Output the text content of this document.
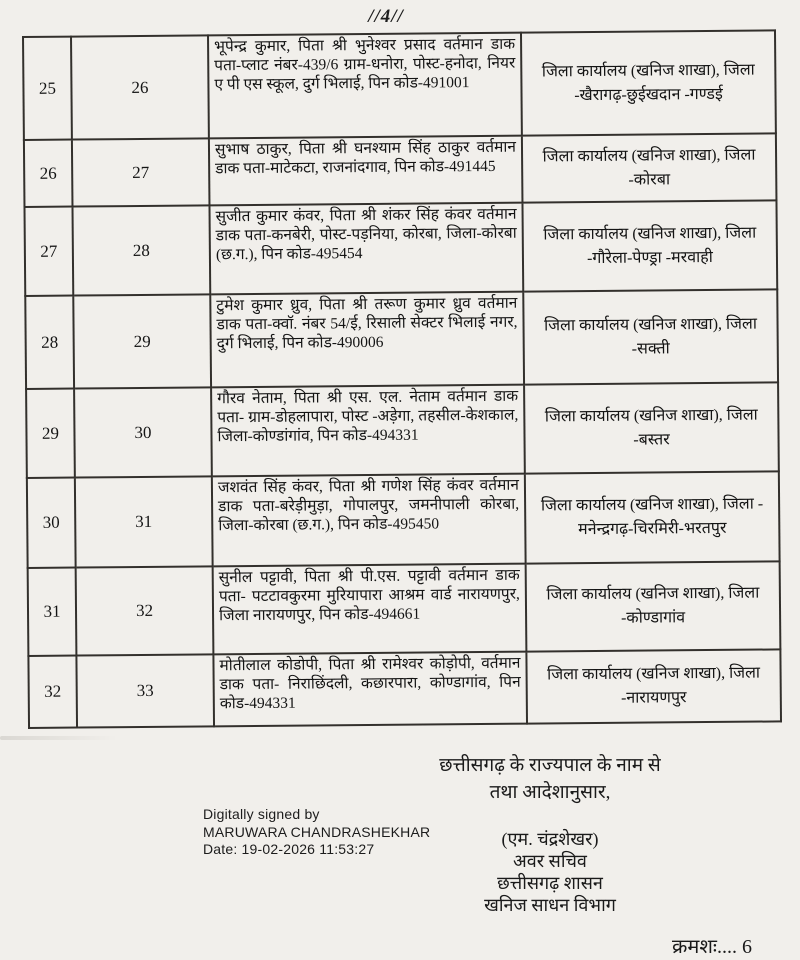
//4//
25	26	भूपेन्द्र कुमार, पिता श्री भुनेश्वर प्रसाद वर्तमान डाक पता-प्लाट नंबर-439/6 ग्राम-धनोरा, पोस्ट-हनोदा, नियर ए पी एस स्कूल, दुर्ग भिलाई, पिन कोड-491001	जिला कार्यालय (खनिज शाखा), जिला -खैरागढ़-छुईखदान -गण्डई
26	27	सुभाष ठाकुर, पिता श्री घनश्याम सिंह ठाकुर वर्तमान डाक पता-माटेकटा, राजनांदगाव, पिन कोड-491445	जिला कार्यालय (खनिज शाखा), जिला -कोरबा
27	28	सुजीत कुमार कंवर, पिता श्री शंकर सिंह कंवर वर्तमान डाक पता-कनबेरी, पोस्ट-पड़निया, कोरबा, जिला-कोरबा (छ.ग.), पिन कोड-495454	जिला कार्यालय (खनिज शाखा), जिला -गौरेला-पेण्ड्रा -मरवाही
28	29	टुमेश कुमार ध्रुव, पिता श्री तरूण कुमार ध्रुव वर्तमान डाक पता-क्वॉ. नंबर 54/ई, रिसाली सेक्टर भिलाई नगर, दुर्ग भिलाई, पिन कोड-490006	जिला कार्यालय (खनिज शाखा), जिला -सक्ती
29	30	गौरव नेताम, पिता श्री एस. एल. नेताम वर्तमान डाक पता- ग्राम-डोहलापारा, पोस्ट -अड़ेगा, तहसील-केशकाल, जिला-कोण्डांगांव, पिन कोड-494331	जिला कार्यालय (खनिज शाखा), जिला -बस्तर
30	31	जशवंत सिंह कंवर, पिता श्री गणेश सिंह कंवर वर्तमान डाक पता-बरेड़ीमुड़ा, गोपालपुर, जमनीपाली कोरबा, जिला-कोरबा (छ.ग.), पिन कोड-495450	जिला कार्यालय (खनिज शाखा), जिला - मनेन्द्रगढ़-चिरमिरी-भरतपुर
31	32	सुनील पट्टावी, पिता श्री पी.एस. पट्टावी वर्तमान डाक पता- पटटावकुरमा मुरियापारा आश्रम वार्ड नारायणपुर, जिला नारायणपुर, पिन कोड-494661	जिला कार्यालय (खनिज शाखा), जिला -कोण्डागांव
32	33	मोतीलाल कोडोपी, पिता श्री रामेश्वर कोड़ोपी, वर्तमान डाक पता- निराछिंदली, कछारपारा, कोण्डागांव, पिन कोड-494331	जिला कार्यालय (खनिज शाखा), जिला -नारायणपुर
छत्तीसगढ़ के राज्यपाल के नाम से
तथा आदेशानुसार,
Digitally signed by
MARUWARA CHANDRASHEKHAR
Date: 19-02-2026 11:53:27	(एम. चंद्रशेखर)
अवर सचिव
छत्तीसगढ़ शासन
खनिज साधन विभाग
क्रमशः.... 6
